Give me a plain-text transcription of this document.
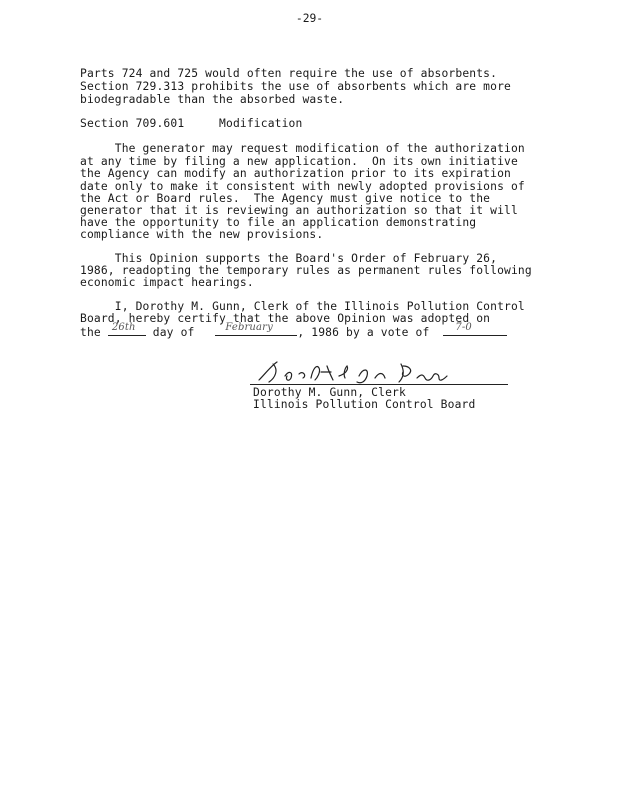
-29-
Parts 724 and 725 would often require the use of absorbents.
Section 729.313 prohibits the use of absorbents which are more
biodegradable than the absorbed waste.
Section 709.601	Modification
The generator may request modification of the authorization
at any time by filing a new application.  On its own initiative
the Agency can modify an authorization prior to its expiration
date only to make it consistent with newly adopted provisions of
the Act or Board rules.  The Agency must give notice to the
generator that it is reviewing an authorization so that it will
have the opportunity to file an application demonstrating
compliance with the new provisions.
This Opinion supports the Board's Order of February 26,
1986, readopting the temporary rules as permanent rules following
economic impact hearings.
I, Dorothy M. Gunn, Clerk of the Illinois Pollution Control
Board, hereby certify that the above Opinion was adopted on
the 26th day of	February , 1986 by a vote of	7-0
Dorothy M. Gunn, Clerk
Illinois Pollution Control Board
